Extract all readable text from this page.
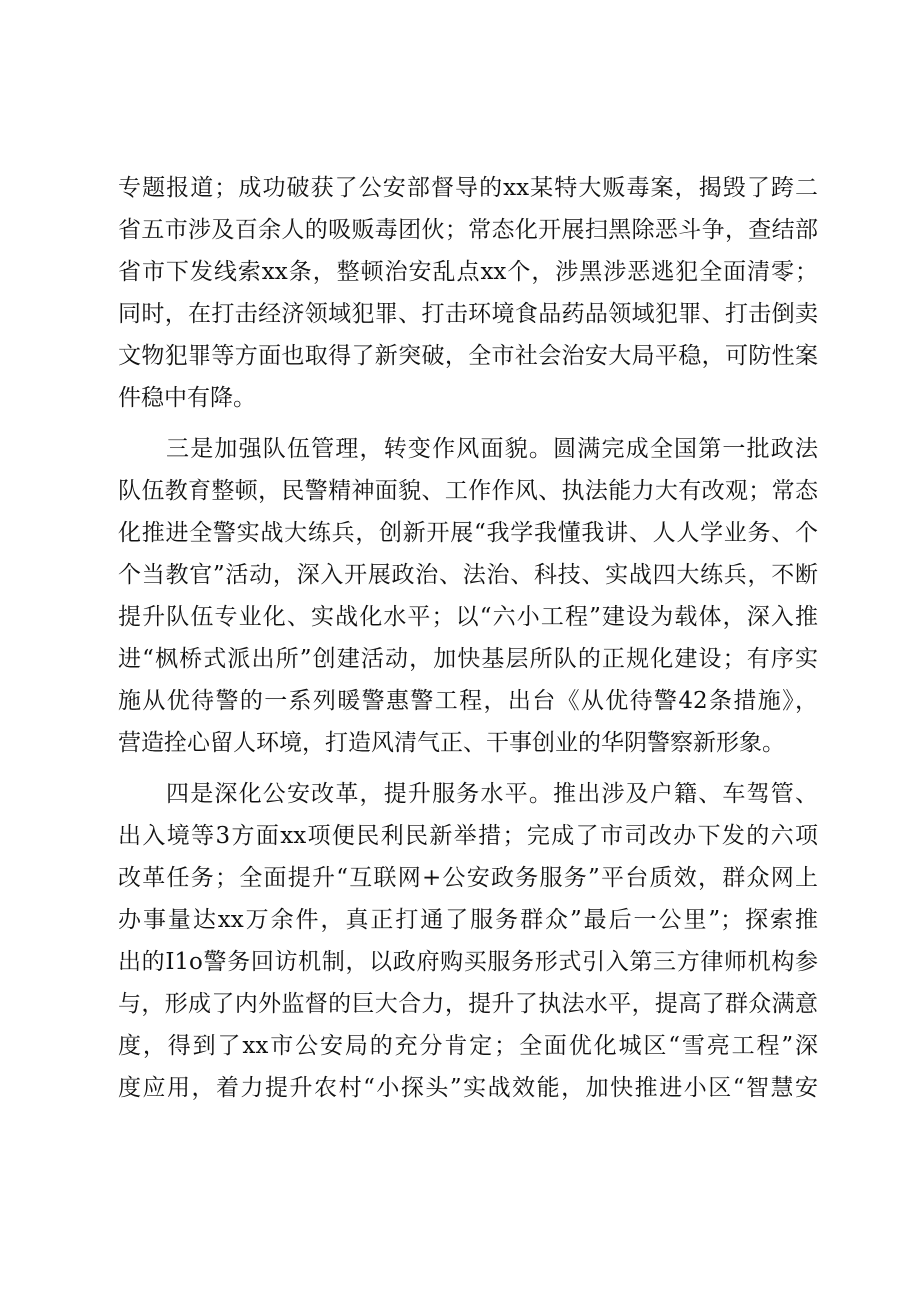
专题报道；成功破获了公安部督导的xx某特大贩毒案，揭毁了跨二
省五市涉及百余人的吸贩毒团伙；常态化开展扫黑除恶斗争，查结部
省市下发线索xx条，整顿治安乱点xx个，涉黑涉恶逃犯全面清零；
同时，在打击经济领域犯罪、打击环境食品药品领域犯罪、打击倒卖
文物犯罪等方面也取得了新突破，全市社会治安大局平稳，可防性案
件稳中有降。
三是加强队伍管理，转变作风面貌。圆满完成全国第一批政法
队伍教育整顿，民警精神面貌、工作作风、执法能力大有改观；常态
化推进全警实战大练兵，创新开展“我学我懂我讲、人人学业务、个
个当教官”活动，深入开展政治、法治、科技、实战四大练兵，不断
提升队伍专业化、实战化水平；以“六小工程”建设为载体，深入推
进“枫桥式派出所”创建活动，加快基层所队的正规化建设；有序实
施从优待警的一系列暖警惠警工程，出台《从优待警42条措施》，
营造拴心留人环境，打造风清气正、干事创业的华阴警察新形象。
四是深化公安改革，提升服务水平。推出涉及户籍、车驾管、
出入境等3方面xx项便民利民新举措；完成了市司改办下发的六项
改革任务；全面提升“互联网+公安政务服务”平台质效，群众网上
办事量达xx万余件，真正打通了服务群众”最后一公里”；探索推
出的I1o警务回访机制，以政府购买服务形式引入第三方律师机构参
与，形成了内外监督的巨大合力，提升了执法水平，提高了群众满意
度，得到了xx市公安局的充分肯定；全面优化城区“雪亮工程”深
度应用，着力提升农村“小探头”实战效能，加快推进小区“智慧安
